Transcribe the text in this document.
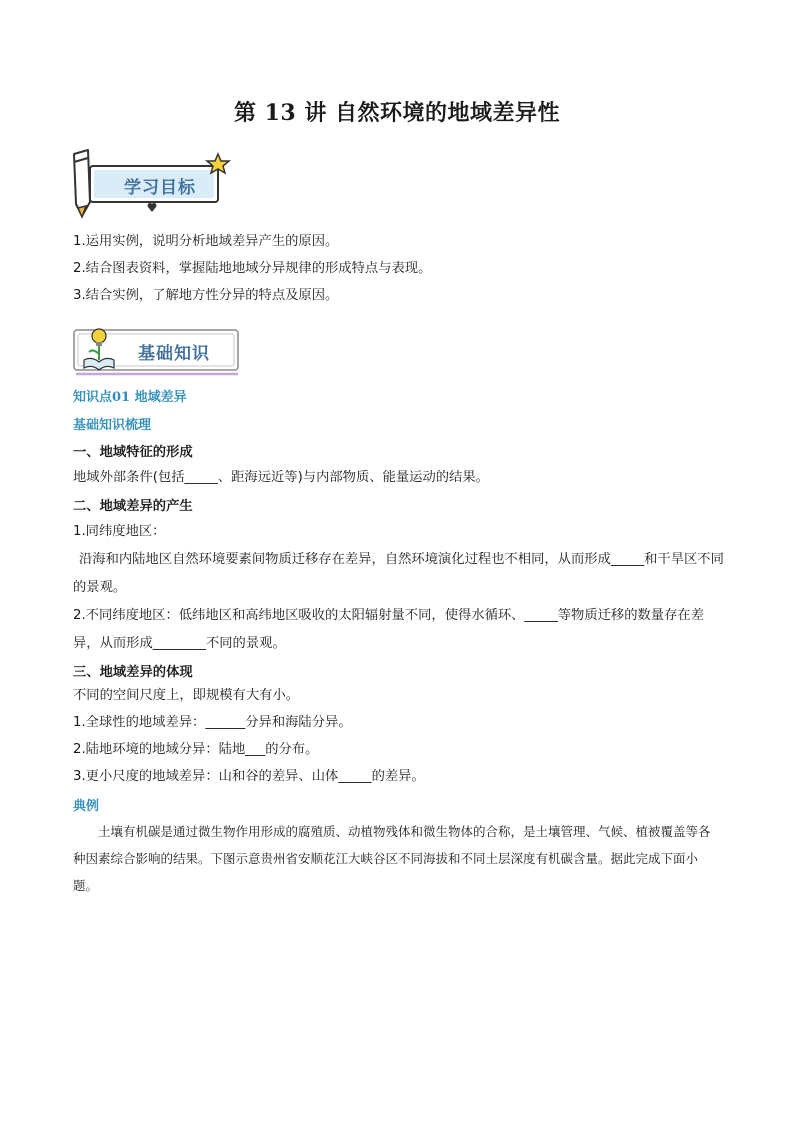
第 13 讲 自然环境的地域差异性
学习目标
1.运用实例，说明分析地域差异产生的原因。
2.结合图表资料，掌握陆地地域分异规律的形成特点与表现。
3.结合实例，了解地方性分异的特点及原因。
基础知识
知识点01 地域差异
基础知识梳理
一、地域特征的形成
地域外部条件(包括_____、距海远近等)与内部物质、能量运动的结果。
二、地域差异的产生
1.同纬度地区：
沿海和内陆地区自然环境要素间物质迁移存在差异，自然环境演化过程也不相同，从而形成_____和干旱区不同的景观。
2.不同纬度地区：低纬地区和高纬地区吸收的太阳辐射量不同，使得水循环、_____等物质迁移的数量存在差异，从而形成________不同的景观。
三、地域差异的体现
不同的空间尺度上，即规模有大有小。
1.全球性的地域差异：______分异和海陆分异。
2.陆地环境的地域分异：陆地___的分布。
3.更小尺度的地域差异：山和谷的差异、山体_____的差异。
典例
土壤有机碳是通过微生物作用形成的腐殖质、动植物残体和微生物体的合称，是土壤管理、气候、植被覆盖等各种因素综合影响的结果。下图示意贵州省安顺花江大峡谷区不同海拔和不同土层深度有机碳含量。据此完成下面小题。
